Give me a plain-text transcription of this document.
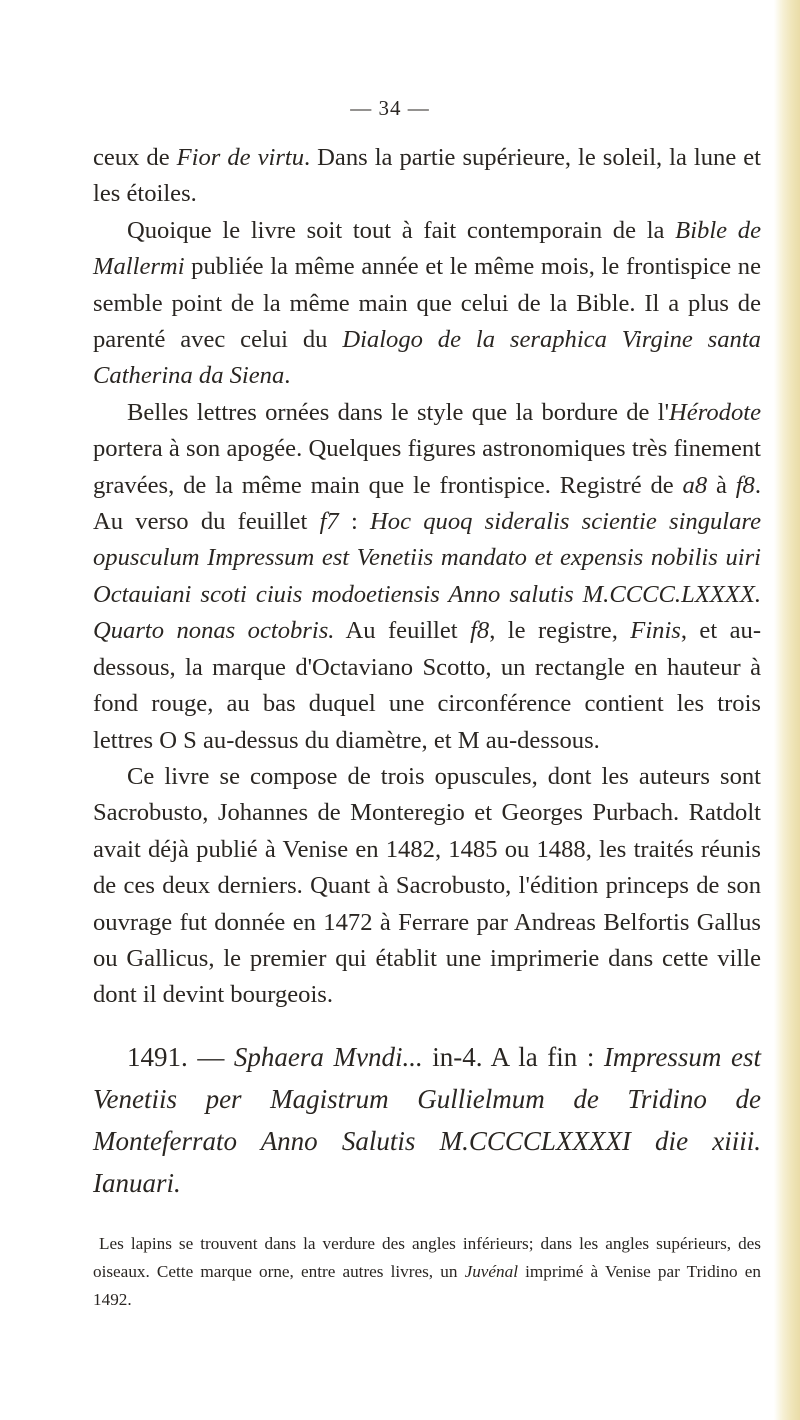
— 34 —

ceux de Fior de virtu. Dans la partie supérieure, le soleil, la lune et les étoiles.

Quoique le livre soit tout à fait contemporain de la Bible de Mallermi publiée la même année et le même mois, le frontispice ne semble point de la même main que celui de la Bible. Il a plus de parenté avec celui du Dialogo de la seraphica Virgine santa Catherina da Siena.

Belles lettres ornées dans le style que la bordure de l'Hérodote portera à son apogée. Quelques figures astronomiques très finement gravées, de la même main que le frontispice. Registré de a8 à f8. Au verso du feuillet f7 : Hoc quoq sideralis scientie singulare opusculum Impressum est Venetiis mandato et expensis nobilis uiri Octauiani scoti ciuis modoetiensis Anno salutis M.CCCC.LXXXX. Quarto nonas octobris. Au feuillet f8, le registre, Finis, et au-dessous, la marque d'Octaviano Scotto, un rectangle en hauteur à fond rouge, au bas duquel une circonférence contient les trois lettres O S au-dessus du diamètre, et M au-dessous.

Ce livre se compose de trois opuscules, dont les auteurs sont Sacrobusto, Johannes de Monteregio et Georges Purbach. Ratdolt avait déjà publié à Venise en 1482, 1485 ou 1488, les traités réunis de ces deux derniers. Quant à Sacrobusto, l'édition princeps de son ouvrage fut donnée en 1472 à Ferrare par Andreas Belfortis Gallus ou Gallicus, le premier qui établit une imprimerie dans cette ville dont il devint bourgeois.

1491. — Sphaera Mvndi... in-4. A la fin : Impressum est Venetiis per Magistrum Gullielmum de Tridino de Monteferrato Anno Salutis M.CCCCLXXXXI die xiiii. Ianuari.

Les lapins se trouvent dans la verdure des angles inférieurs; dans les angles supérieurs, des oiseaux. Cette marque orne, entre autres livres, un Juvénal imprimé à Venise par Tridino en 1492.
